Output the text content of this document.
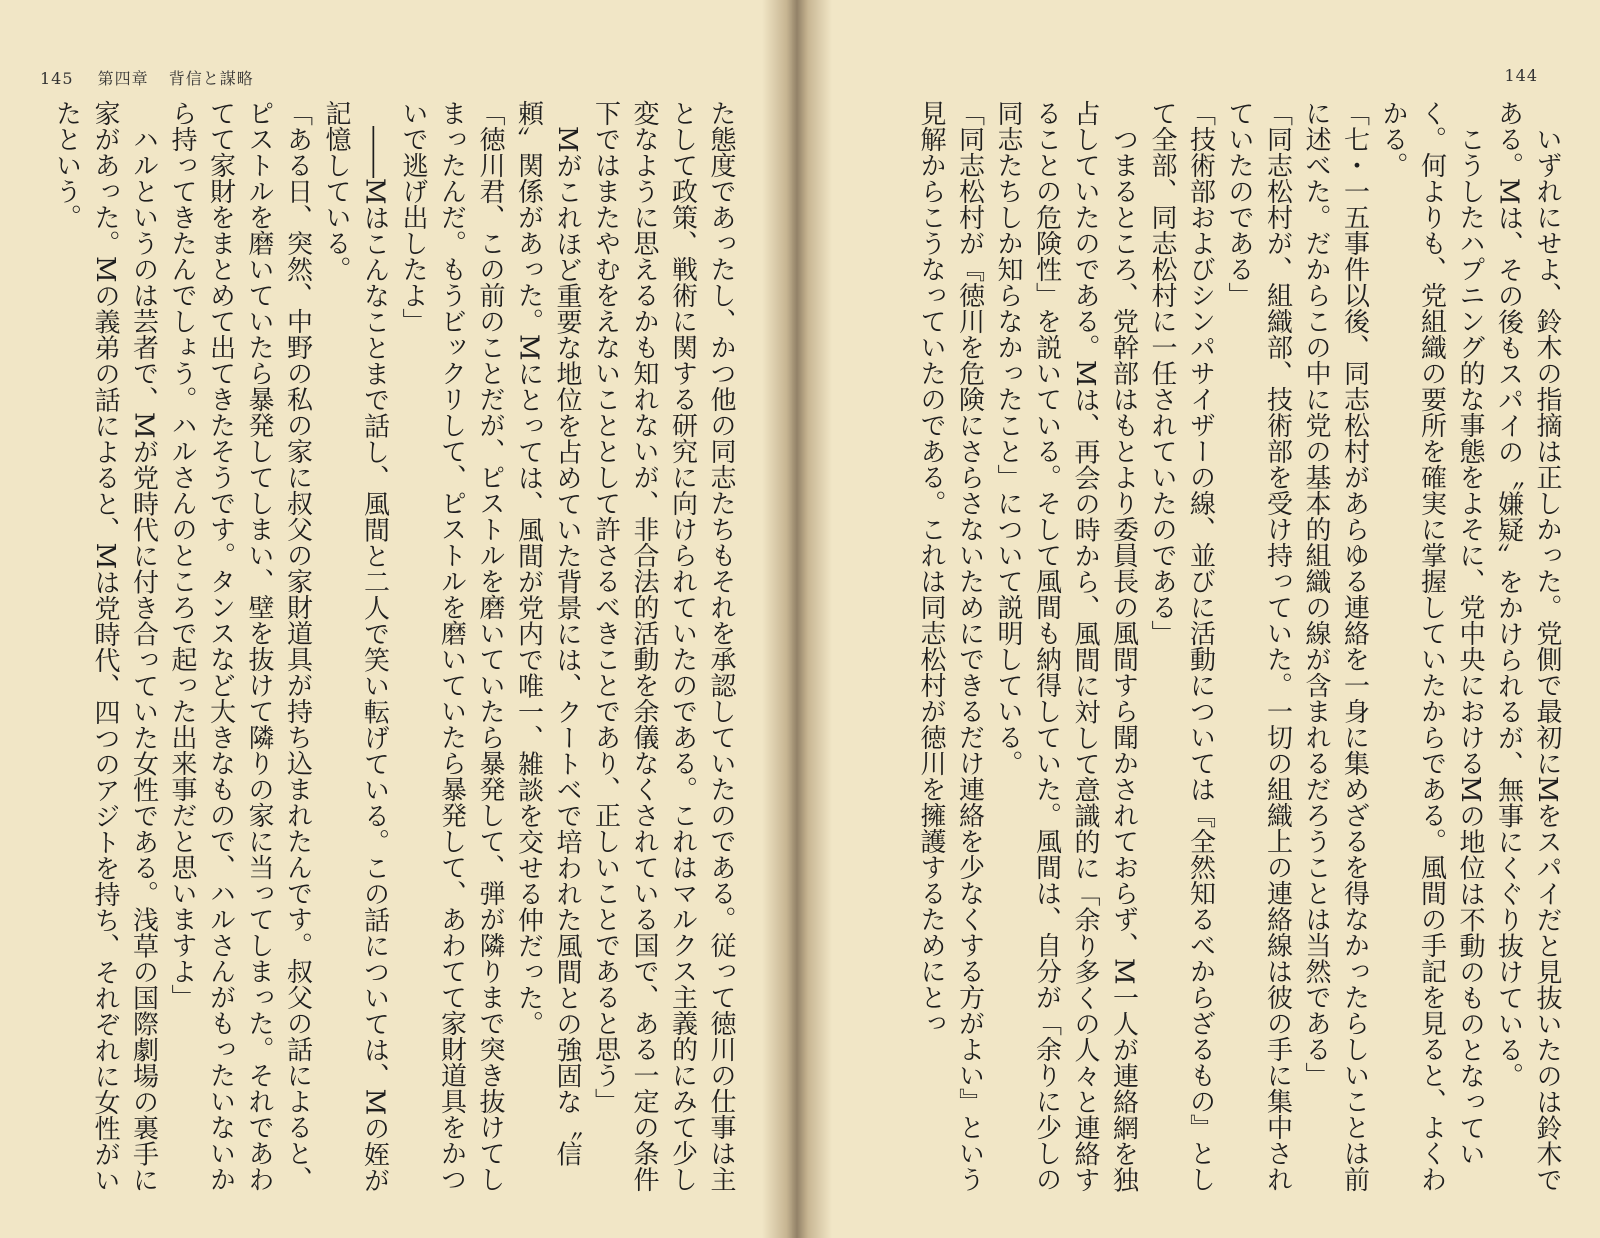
145 第四章 背信と謀略

た態度であったし、かつ他の同志たちもそれを承認していたのである。従って徳川の仕事は主として政策、戦術に関する研究に向けられていたのである。これはマルクス主義的にみて少し変なように思えるかも知れないが、非合法的活動を余儀なくされている国で、ある一定の条件下ではまたやむをえないこととして許さるべきことであり、正しいことであると思う」

Mがこれほど重要な地位を占めていた背景には、クートベで培われた風間との強固な〝信頼〟関係があった。Mにとっては、風間が党内で唯一、雑談を交せる仲だった。

「徳川君、この前のことだが、ピストルを磨いていたら暴発して、弾が隣りまで突き抜けてしまったんだ。もうビックリして、ピストルを磨いていたら暴発して、あわてて家財道具をかついで逃げ出したよ」

――Mはこんなことまで話し、風間と二人で笑い転げている。この話については、Mの姪が記憶している。

「ある日、突然、中野の私の家に叔父の家財道具が持ち込まれたんです。叔父の話によると、ピストルを磨いていたら暴発してしまい、壁を抜けて隣りの家に当ってしまった。それであわてて家財をまとめて出てきたそうです。タンスなど大きなもので、ハルさんがもったいないから持ってきたんでしょう。ハルさんのところで起った出来事だと思いますよ」

ハルというのは芸者で、Mが党時代に付き合っていた女性である。浅草の国際劇場の裏手に家があった。Mの義弟の話によると、Mは党時代、四つのアジトを持ち、それぞれに女性がいたという。

144

いずれにせよ、鈴木の指摘は正しかった。党側で最初にMをスパイだと見抜いたのは鈴木である。Mは、その後もスパイの〝嫌疑〟をかけられるが、無事にくぐり抜けている。

こうしたハプニング的な事態をよそに、党中央におけるMの地位は不動のものとなっていく。何よりも、党組織の要所を確実に掌握していたからである。風間の手記を見ると、よくわかる。

「七・一五事件以後、同志松村があらゆる連絡を一身に集めざるを得なかったらしいことは前に述べた。だからこの中に党の基本的組織の線が含まれるだろうことは当然である」

「同志松村が、組織部、技術部を受け持っていた。一切の組織上の連絡線は彼の手に集中されていたのである」

「技術部およびシンパサイザーの線、並びに活動については『全然知るべからざるもの』として全部、同志松村に一任されていたのである」

つまるところ、党幹部はもとより委員長の風間すら聞かされておらず、M一人が連絡網を独占していたのである。Mは、再会の時から、風間に対して意識的に「余り多くの人々と連絡することの危険性」を説いている。そして風間も納得していた。風間は、自分が「余りに少しの同志たちしか知らなかったこと」について説明している。

「同志松村が『徳川を危険にさらさないためにできるだけ連絡を少なくする方がよい』という見解からこうなっていたのである。これは同志松村が徳川を擁護するためにとっ
